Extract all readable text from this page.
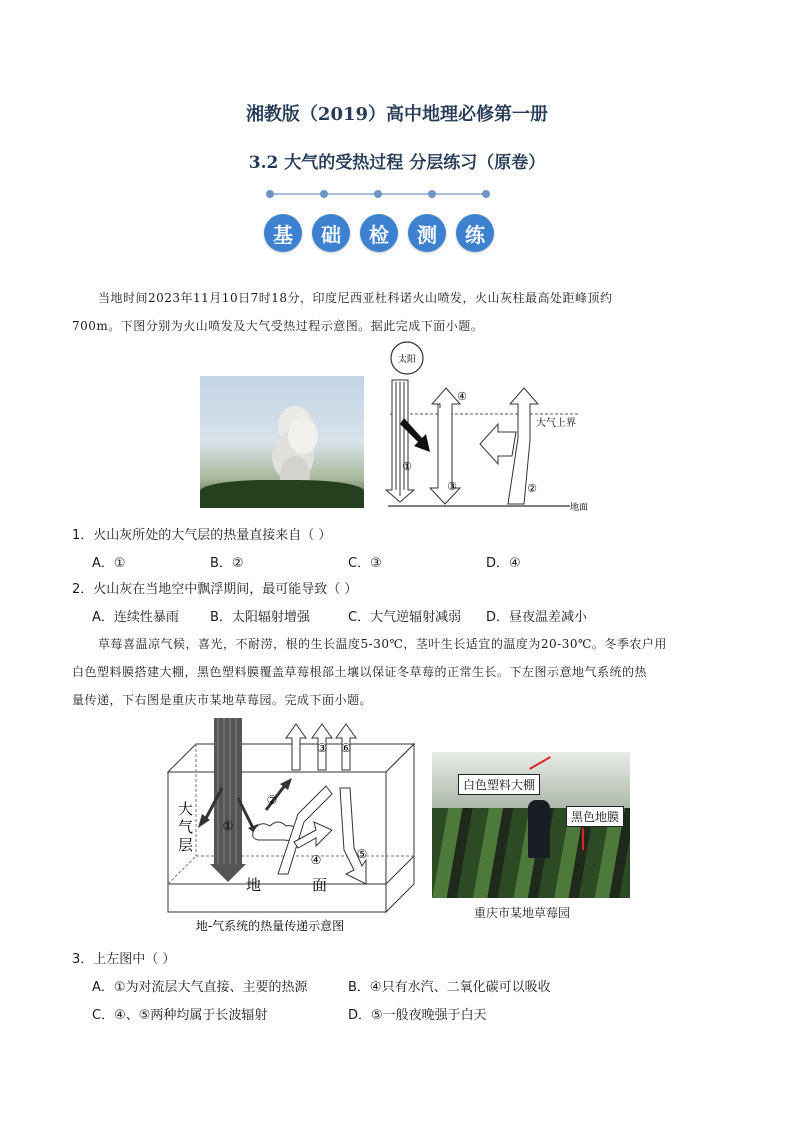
湘教版（2019）高中地理必修第一册
3.2 大气的受热过程 分层练习（原卷）
基	础	检	测	练
当地时间2023年11月10日7时18分，印度尼西亚杜科诺火山喷发，火山灰柱最高处距峰顶约
700m。下图分别为火山喷发及大气受热过程示意图。据此完成下面小题。
太阳
大气上界
地面
①
②
③
④
1．火山灰所处的大气层的热量直接来自（ ）
A．①	B．②	C．③	D．④
2．火山灰在当地空中飘浮期间，最可能导致（ ）
A．连续性暴雨 B．太阳辐射增强	C．大气逆辐射减弱 D．昼夜温差减小
草莓喜温凉气候，喜光，不耐涝，根的生长温度5-30℃，茎叶生长适宜的温度为20-30℃。冬季农户用
白色塑料膜搭建大棚，黑色塑料膜覆盖草莓根部土壤以保证冬草莓的正常生长。下左图示意地气系统的热
量传递，下右图是重庆市某地草莓园。完成下面小题。
大
气
层
地	面
①
②
③
④	⑤
⑥
地-气系统的热量传递示意图
白色塑料大棚
黑色地膜
重庆市某地草莓园
3．上左图中（ ）
A．①为对流层大气直接、主要的热源	B．④只有水汽、二氧化碳可以吸收
C．④、⑤两种均属于长波辐射	D．⑤一般夜晚强于白天
